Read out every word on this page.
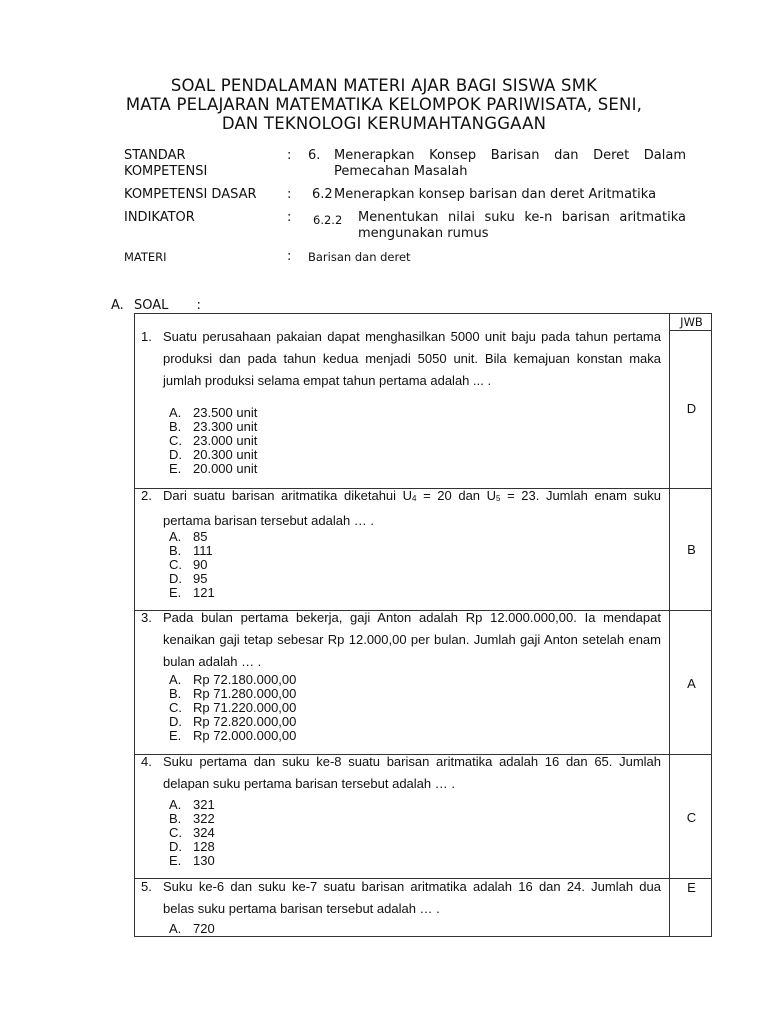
SOAL PENDALAMAN MATERI AJAR BAGI SISWA SMK
MATA PELAJARAN MATEMATIKA KELOMPOK PARIWISATA, SENI,
DAN TEKNOLOGI KERUMAHTANGGAAN
STANDAR
KOMPETENSI
: 6. Menerapkan Konsep Barisan dan Deret Dalam Pemecahan Masalah
KOMPETENSI DASAR : 6.2 Menerapkan konsep barisan dan deret Aritmatika
INDIKATOR	: 6.2.2 Menentukan nilai suku ke-n barisan aritmatika mengunakan rumus
MATERI	: Barisan dan deret
A. SOAL :
JWB
1. Suatu perusahaan pakaian dapat menghasilkan 5000 unit baju pada tahun pertama produksi dan pada tahun kedua menjadi 5050 unit. Bila kemajuan konstan maka jumlah produksi selama empat tahun pertama adalah ... .
A. 23.500 unit
B. 23.300 unit
C. 23.000 unit
D. 20.300 unit
E. 20.000 unit
D
2. Dari suatu barisan aritmatika diketahui $U_4 = 20$ dan $U_5 = 23$. Jumlah enam suku pertama barisan tersebut adalah … .
A. 85
B. 111
C. 90
D. 95
E. 121
B
3. Pada bulan pertama bekerja, gaji Anton adalah Rp 12.000.000,00. Ia mendapat kenaikan gaji tetap sebesar Rp 12.000,00 per bulan. Jumlah gaji Anton setelah enam bulan adalah … .
A. Rp 72.180.000,00
B. Rp 71.280.000,00
C. Rp 71.220.000,00
D. Rp 72.820.000,00
E. Rp 72.000.000,00
A
4. Suku pertama dan suku ke-8 suatu barisan aritmatika adalah 16 dan 65. Jumlah delapan suku pertama barisan tersebut adalah … .
A. 321
B. 322
C. 324
D. 128
E. 130
C
5. Suku ke-6 dan suku ke-7 suatu barisan aritmatika adalah 16 dan 24. Jumlah dua belas suku pertama barisan tersebut adalah … .
A. 720
E
